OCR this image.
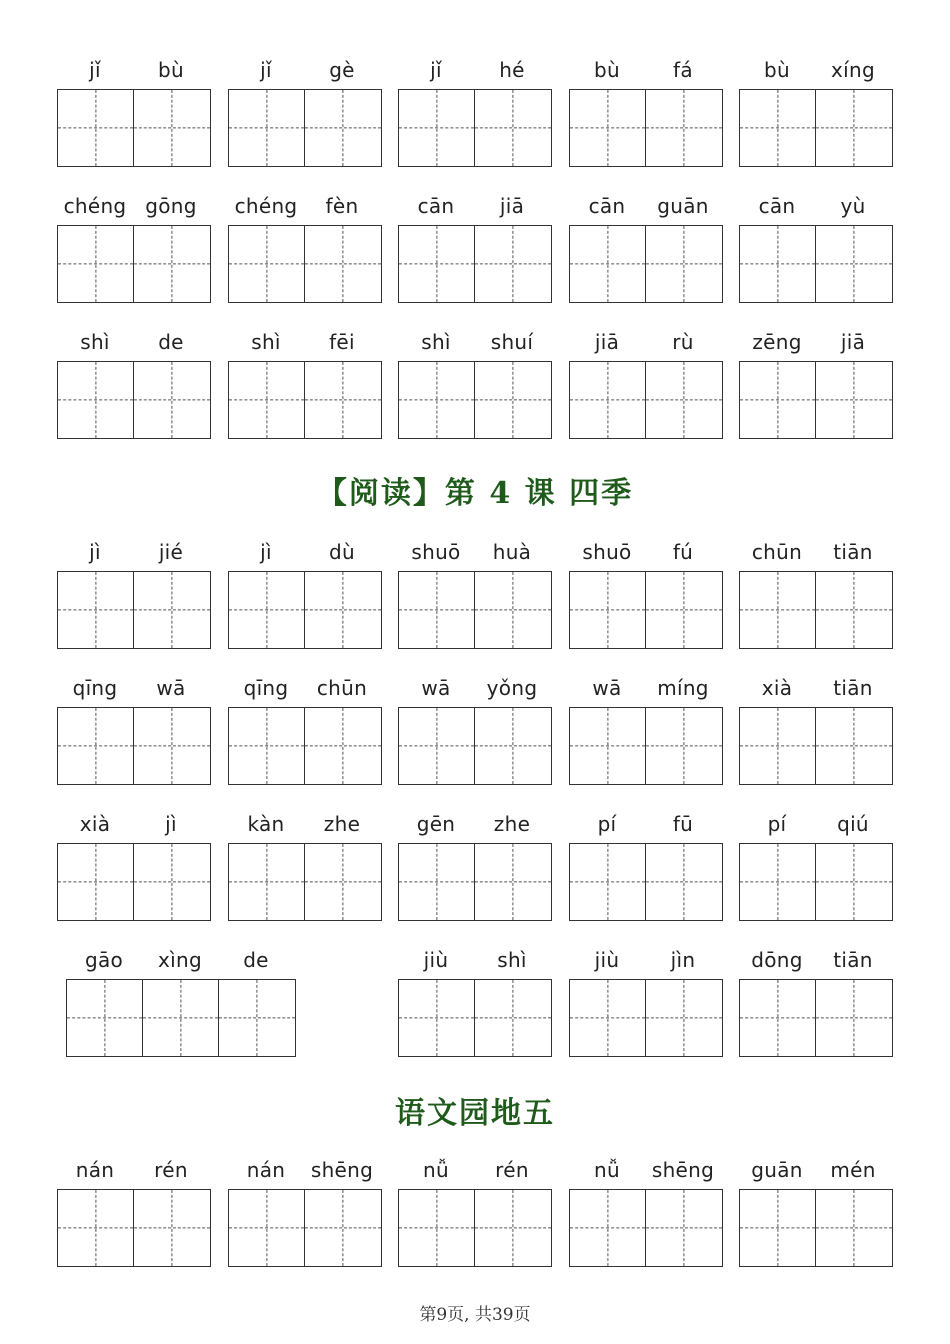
jǐ	bù	jǐ	gè	jǐ	hé	bù	fá	bù	xíng
chéng gōng	chéng	fèn	cān	jiā	cān	guān	cān	yù
shì	de	shì	fēi	shì	shuí	jiā	rù	zēng	jiā
【阅读】第 4 课 四季
jì	jié	jì	dù	shuō	huà	shuō	fú	chūn	tiān
qīng	wā	qīng	chūn	wā	yǒng	wā	míng	xià	tiān
xià	jì	kàn	zhe	gēn	zhe	pí	fū	pí	qiú
gāo	xìng	de	jiù	shì	jiù	jìn	dōng	tiān
语文园地五
nán	rén	nán	shēng	nǚ	rén	nǚ	shēng	guān	mén
第9页, 共39页
